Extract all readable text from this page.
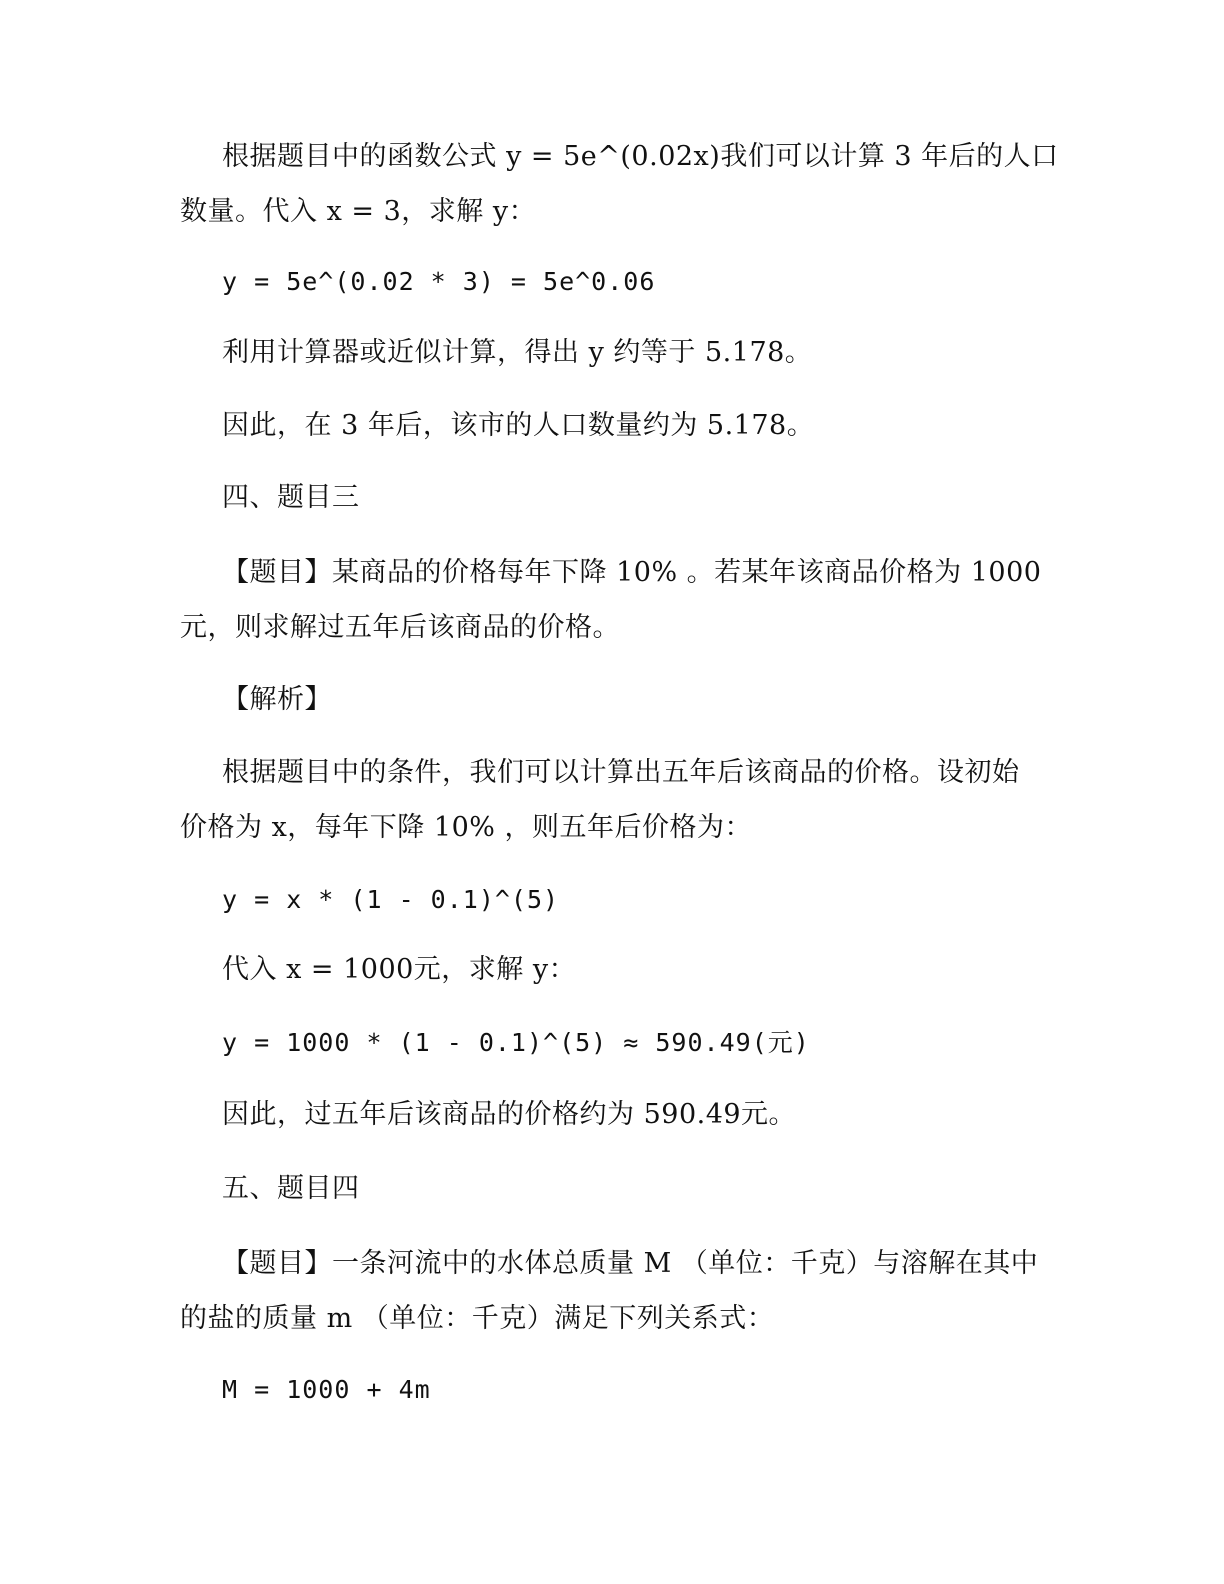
根据题目中的函数公式 y = 5e^(0.02x)我们可以计算 3 年后的人口
数量。代入 x = 3，求解 y：
y = 5e^(0.02 * 3) = 5e^0.06
利用计算器或近似计算，得出 y 约等于 5.178。
因此，在 3 年后，该市的人口数量约为 5.178。
四、题目三
【题目】某商品的价格每年下降 10% 。若某年该商品价格为 1000
元，则求解过五年后该商品的价格。
【解析】
根据题目中的条件，我们可以计算出五年后该商品的价格。设初始
价格为 x，每年下降 10% ，则五年后价格为：
y = x * (1 - 0.1)^(5)
代入 x = 1000元，求解 y：
y = 1000 * (1 - 0.1)^(5) ≈ 590.49(元)
因此，过五年后该商品的价格约为 590.49元。
五、题目四
【题目】一条河流中的水体总质量 M （单位：千克）与溶解在其中
的盐的质量 m （单位：千克）满足下列关系式：
M = 1000 + 4m
